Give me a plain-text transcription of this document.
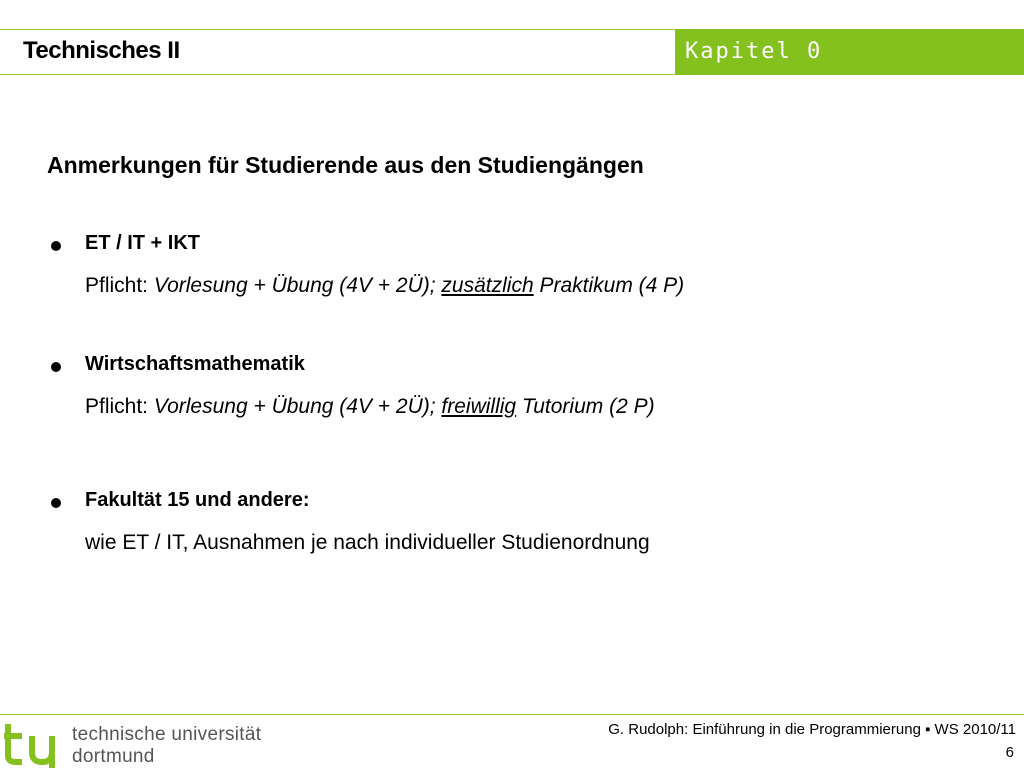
Technisches II	Kapitel 0
Anmerkungen für Studierende aus den Studiengängen
ET / IT + IKT
Pflicht: Vorlesung + Übung (4V + 2Ü); zusätzlich Praktikum (4 P)
Wirtschaftsmathematik
Pflicht: Vorlesung + Übung (4V + 2Ü); freiwillig Tutorium (2 P)
Fakultät 15 und andere:
wie ET / IT, Ausnahmen je nach individueller Studienordnung
technische universität
dortmund
G. Rudolph: Einführung in die Programmierung ▪ WS 2010/11
6
